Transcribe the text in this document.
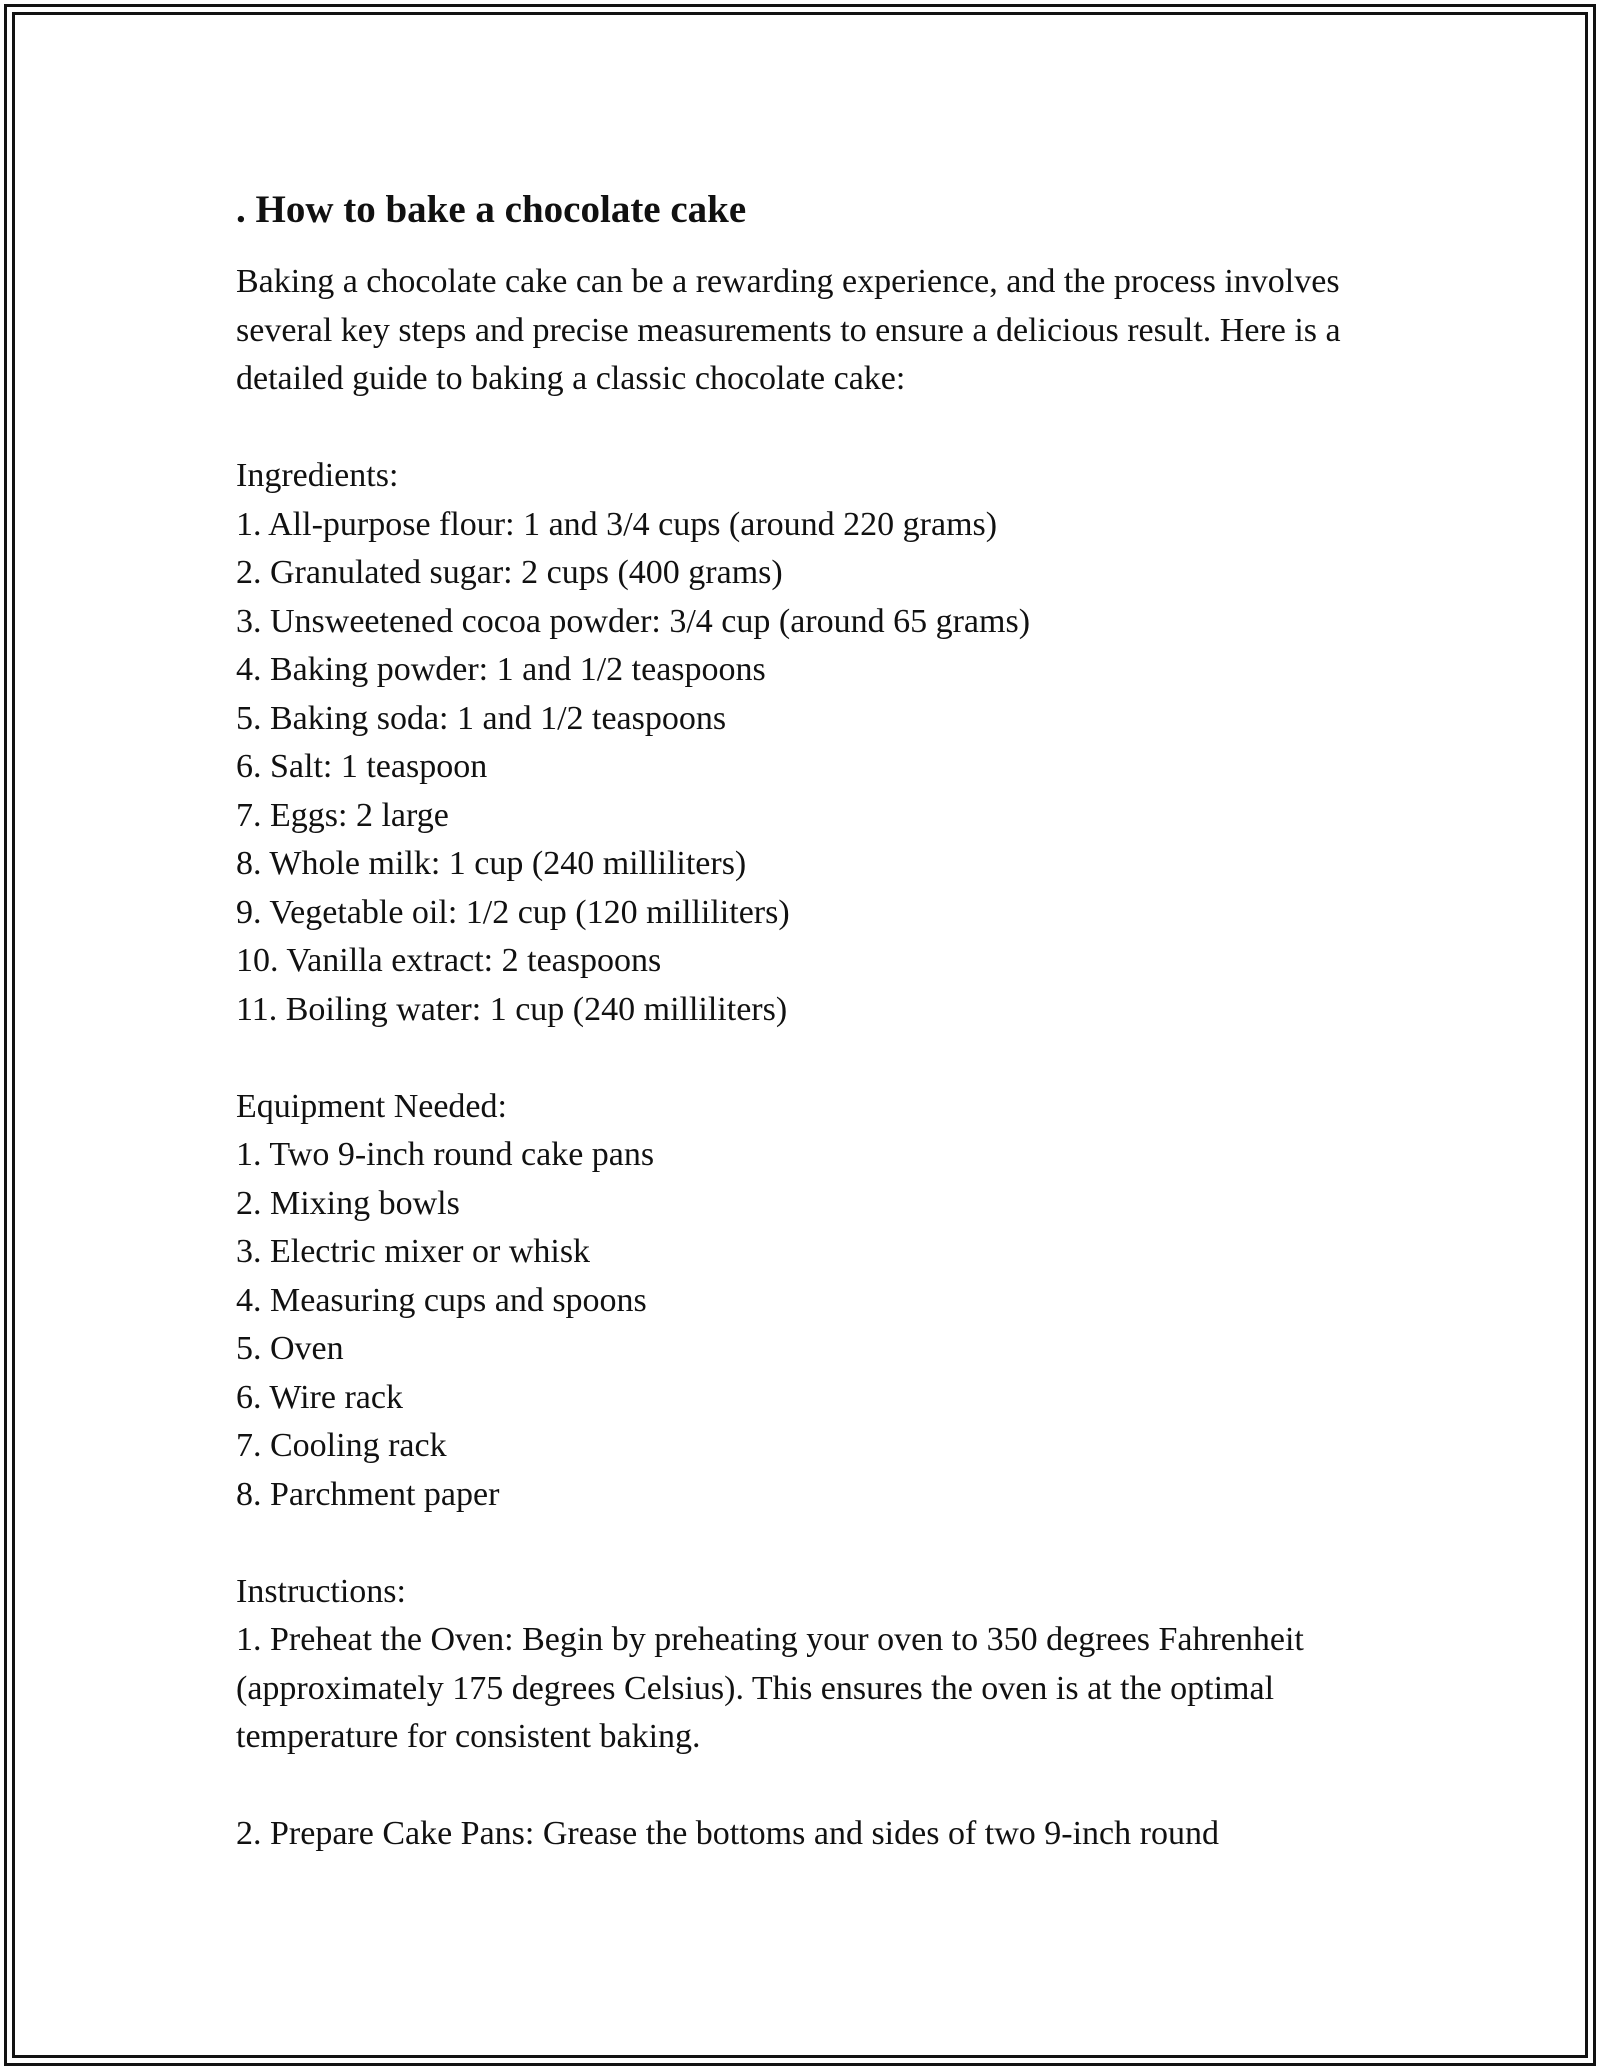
. How to bake a chocolate cake

Baking a chocolate cake can be a rewarding experience, and the process involves several key steps and precise measurements to ensure a delicious result. Here is a detailed guide to baking a classic chocolate cake:

Ingredients:
1. All-purpose flour: 1 and 3/4 cups (around 220 grams)
2. Granulated sugar: 2 cups (400 grams)
3. Unsweetened cocoa powder: 3/4 cup (around 65 grams)
4. Baking powder: 1 and 1/2 teaspoons
5. Baking soda: 1 and 1/2 teaspoons
6. Salt: 1 teaspoon
7. Eggs: 2 large
8. Whole milk: 1 cup (240 milliliters)
9. Vegetable oil: 1/2 cup (120 milliliters)
10. Vanilla extract: 2 teaspoons
11. Boiling water: 1 cup (240 milliliters)
Equipment Needed:
1. Two 9-inch round cake pans
2. Mixing bowls
3. Electric mixer or whisk
4. Measuring cups and spoons
5. Oven
6. Wire rack
7. Cooling rack
8. Parchment paper
Instructions:
1. Preheat the Oven: Begin by preheating your oven to 350 degrees Fahrenheit (approximately 175 degrees Celsius). This ensures the oven is at the optimal temperature for consistent baking.
2. Prepare Cake Pans: Grease the bottoms and sides of two 9-inch round
